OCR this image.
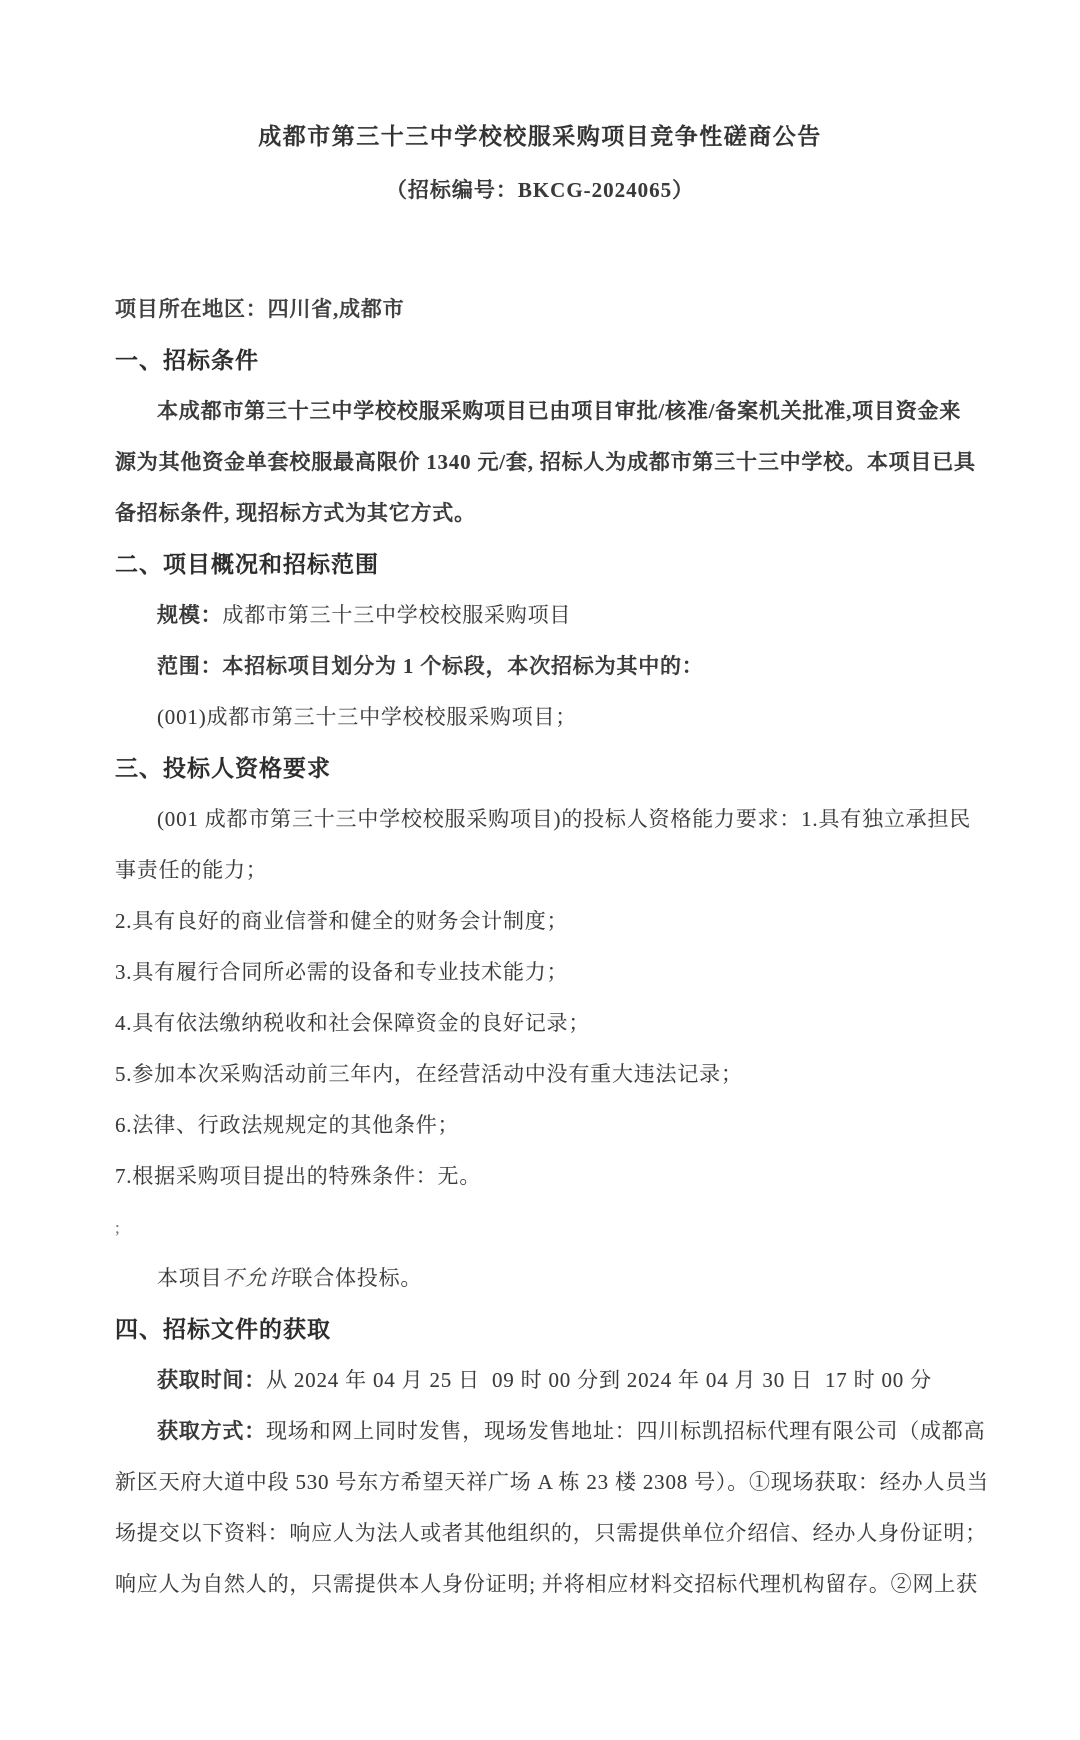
成都市第三十三中学校校服采购项目竞争性磋商公告
（招标编号：BKCG-2024065）
项目所在地区：四川省,成都市
一、招标条件
本成都市第三十三中学校校服采购项目已由项目审批/核准/备案机关批准,项目资金来
源为其他资金单套校服最高限价 1340 元/套, 招标人为成都市第三十三中学校。本项目已具
备招标条件, 现招标方式为其它方式。
二、项目概况和招标范围
规模：成都市第三十三中学校校服采购项目
范围：本招标项目划分为 1 个标段，本次招标为其中的：
(001)成都市第三十三中学校校服采购项目；
三、投标人资格要求
(001 成都市第三十三中学校校服采购项目)的投标人资格能力要求：1.具有独立承担民
事责任的能力；
2.具有良好的商业信誉和健全的财务会计制度；
3.具有履行合同所必需的设备和专业技术能力；
4.具有依法缴纳税收和社会保障资金的良好记录；
5.参加本次采购活动前三年内，在经营活动中没有重大违法记录；
6.法律、行政法规规定的其他条件；
7.根据采购项目提出的特殊条件：无。
;
本项目不允许联合体投标。
四、招标文件的获取
获取时间：从 2024 年 04 月 25 日  09 时 00 分到 2024 年 04 月 30 日  17 时 00 分
获取方式：现场和网上同时发售，现场发售地址：四川标凯招标代理有限公司（成都高
新区天府大道中段 530 号东方希望天祥广场 A 栋 23 楼 2308 号）。①现场获取：经办人员当
场提交以下资料：响应人为法人或者其他组织的，只需提供单位介绍信、经办人身份证明；
响应人为自然人的，只需提供本人身份证明; 并将相应材料交招标代理机构留存。②网上获
